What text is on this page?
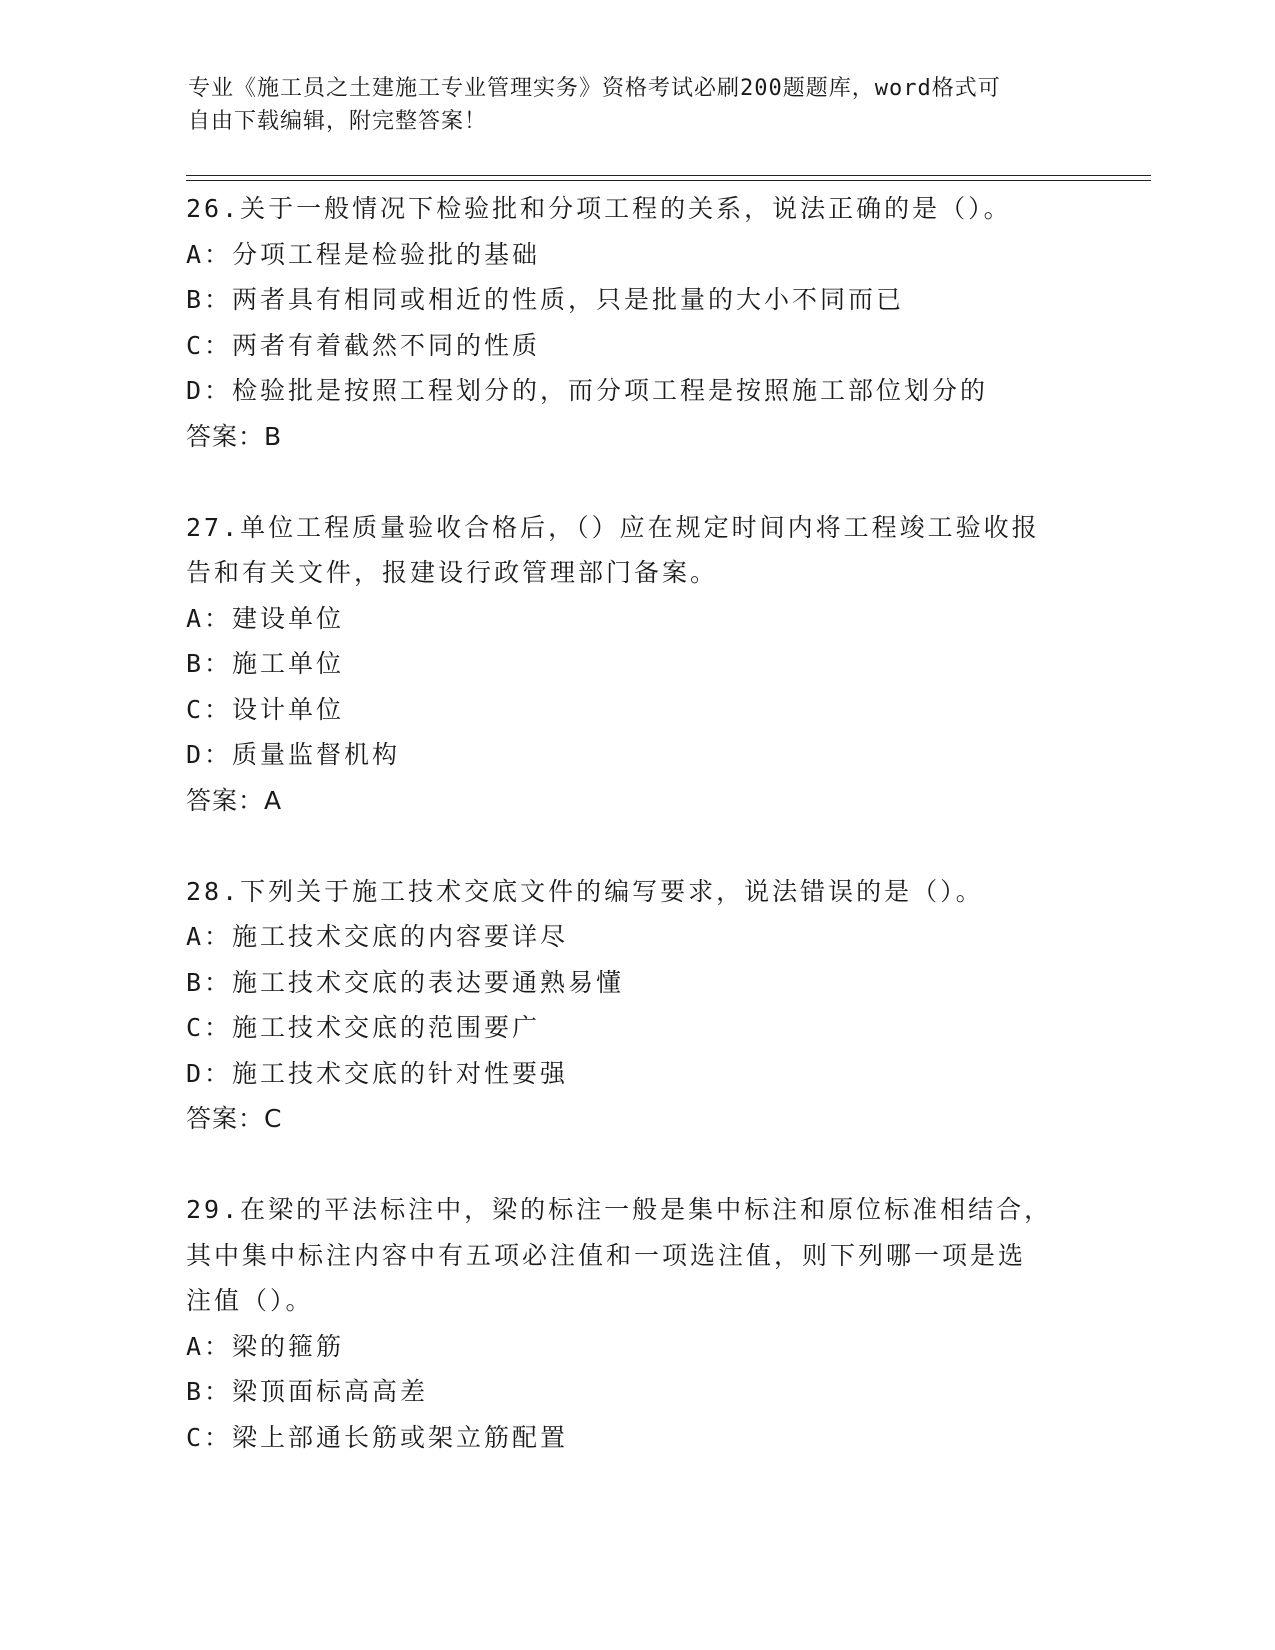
专业《施工员之土建施工专业管理实务》资格考试必刷200题题库，word格式可
自由下载编辑，附完整答案！
26.关于一般情况下检验批和分项工程的关系，说法正确的是（）。
A：分项工程是检验批的基础
B：两者具有相同或相近的性质，只是批量的大小不同而已
C：两者有着截然不同的性质
D：检验批是按照工程划分的，而分项工程是按照施工部位划分的
答案：B
27.单位工程质量验收合格后，（）应在规定时间内将工程竣工验收报
告和有关文件，报建设行政管理部门备案。
A：建设单位
B：施工单位
C：设计单位
D：质量监督机构
答案：A
28.下列关于施工技术交底文件的编写要求，说法错误的是（）。
A：施工技术交底的内容要详尽
B：施工技术交底的表达要通熟易懂
C：施工技术交底的范围要广
D：施工技术交底的针对性要强
答案：C
29.在梁的平法标注中，梁的标注一般是集中标注和原位标准相结合，
其中集中标注内容中有五项必注值和一项选注值，则下列哪一项是选
注值（）。
A：梁的箍筋
B：梁顶面标高高差
C：梁上部通长筋或架立筋配置
